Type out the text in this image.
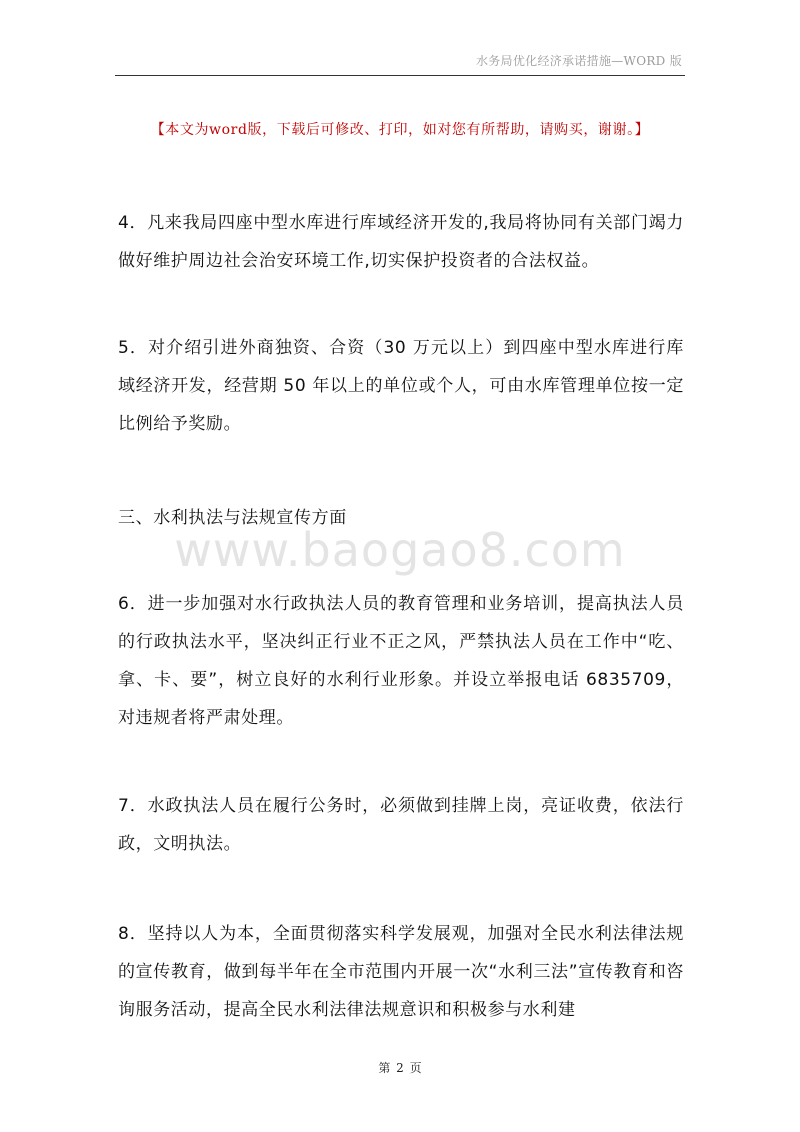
水务局优化经济承诺措施—WORD 版
【本文为word版，下载后可修改、打印，如对您有所帮助，请购买，谢谢。】

4．凡来我局四座中型水库进行库域经济开发的,我局将协同有关部门竭力做好维护周边社会治安环境工作,切实保护投资者的合法权益。

5．对介绍引进外商独资、合资（30 万元以上）到四座中型水库进行库域经济开发，经营期 50 年以上的单位或个人，可由水库管理单位按一定比例给予奖励。

三、水利执法与法规宣传方面

www.baogao8.com

6．进一步加强对水行政执法人员的教育管理和业务培训，提高执法人员的行政执法水平，坚决纠正行业不正之风，严禁执法人员在工作中“吃、拿、卡、要”，树立良好的水利行业形象。并设立举报电话 6835709，对违规者将严肃处理。

7．水政执法人员在履行公务时，必须做到挂牌上岗，亮证收费，依法行政，文明执法。

8．坚持以人为本，全面贯彻落实科学发展观，加强对全民水利法律法规的宣传教育，做到每半年在全市范围内开展一次“水利三法”宣传教育和咨询服务活动，提高全民水利法律法规意识和积极参与水利建

第 2 页
